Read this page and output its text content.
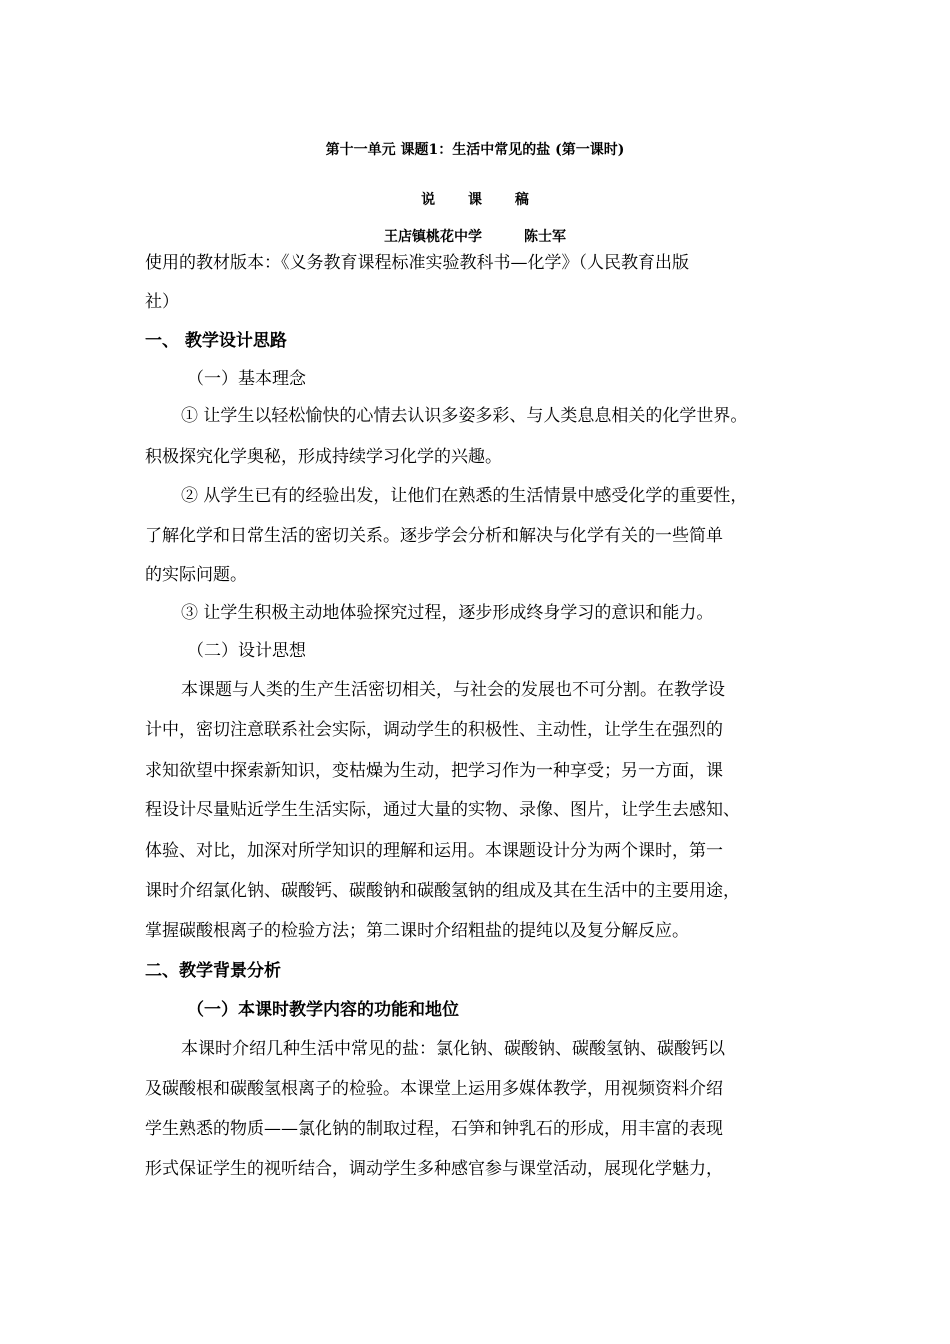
第十一单元 课题1：生活中常见的盐 (第一课时)
说 课 稿
王店镇桃花中学	陈士军
使用的教材版本：《义务教育课程标准实验教科书—化学》（人民教育出版
社）
一、 教学设计思路
（一）基本理念
① 让学生以轻松愉快的心情去认识多姿多彩、与人类息息相关的化学世界。
积极探究化学奥秘，形成持续学习化学的兴趣。
② 从学生已有的经验出发，让他们在熟悉的生活情景中感受化学的重要性，
了解化学和日常生活的密切关系。逐步学会分析和解决与化学有关的一些简单
的实际问题。
③ 让学生积极主动地体验探究过程，逐步形成终身学习的意识和能力。
（二）设计思想
本课题与人类的生产生活密切相关，与社会的发展也不可分割。在教学设
计中，密切注意联系社会实际，调动学生的积极性、主动性，让学生在强烈的
求知欲望中探索新知识，变枯燥为生动，把学习作为一种享受；另一方面，课
程设计尽量贴近学生生活实际，通过大量的实物、录像、图片，让学生去感知、
体验、对比，加深对所学知识的理解和运用。本课题设计分为两个课时，第一
课时介绍氯化钠、碳酸钙、碳酸钠和碳酸氢钠的组成及其在生活中的主要用途，
掌握碳酸根离子的检验方法；第二课时介绍粗盐的提纯以及复分解反应。
二、教学背景分析
（一）本课时教学内容的功能和地位
本课时介绍几种生活中常见的盐：氯化钠、碳酸钠、碳酸氢钠、碳酸钙以
及碳酸根和碳酸氢根离子的检验。本课堂上运用多媒体教学，用视频资料介绍
学生熟悉的物质——氯化钠的制取过程，石笋和钟乳石的形成，用丰富的表现
形式保证学生的视听结合，调动学生多种感官参与课堂活动，展现化学魅力，
